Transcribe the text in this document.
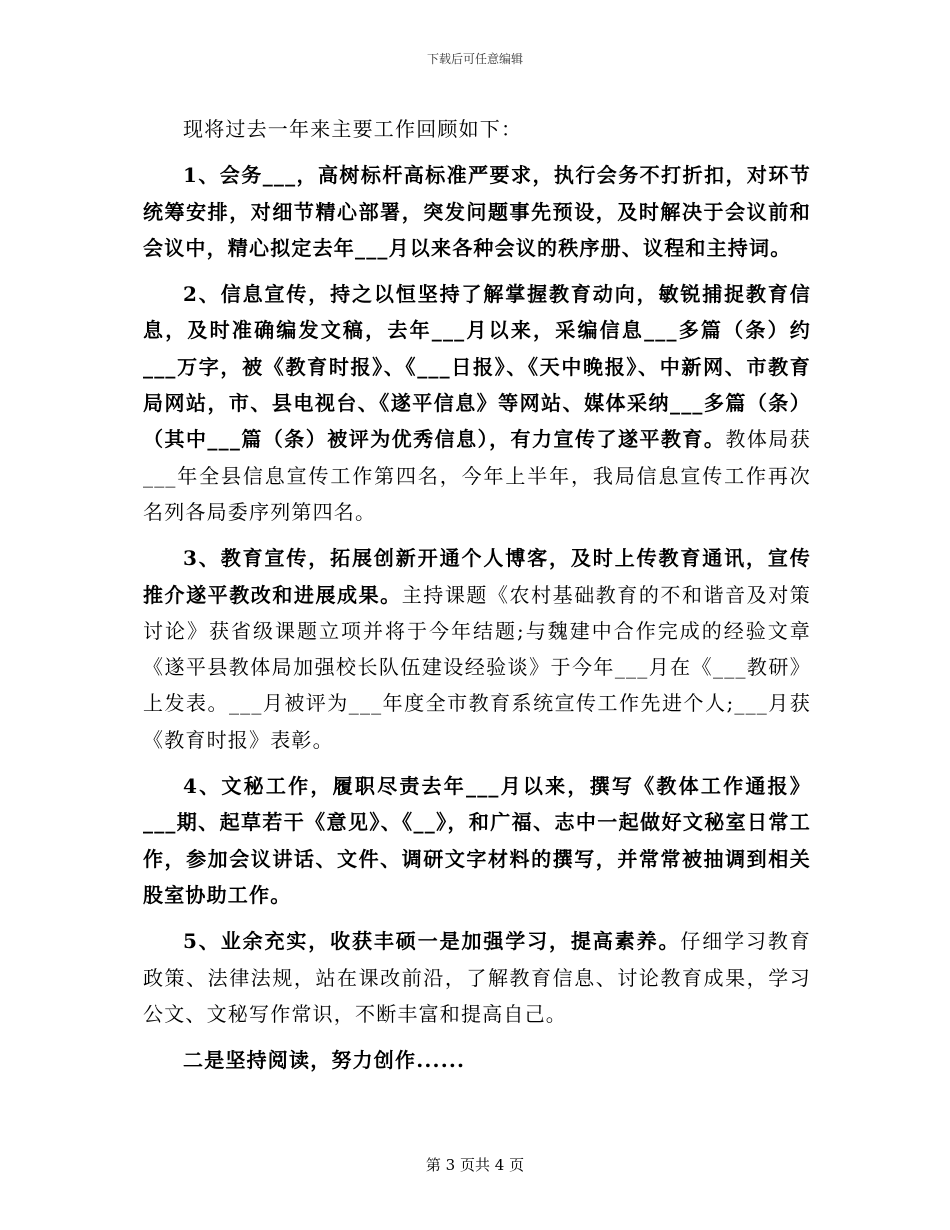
下载后可任意编辑

现将过去一年来主要工作回顾如下：

1、会务___，高树标杆高标准严要求，执行会务不打折扣，对环节统筹安排，对细节精心部署，突发问题事先预设，及时解决于会议前和会议中，精心拟定去年___月以来各种会议的秩序册、议程和主持词。

2、信息宣传，持之以恒坚持了解掌握教育动向，敏锐捕捉教育信息，及时准确编发文稿，去年___月以来，采编信息___多篇（条）约___万字，被《教育时报》、《___日报》、《天中晚报》、中新网、市教育局网站，市、县电视台、《遂平信息》等网站、媒体采纳___多篇（条）（其中___篇（条）被评为优秀信息），有力宣传了遂平教育。教体局获___年全县信息宣传工作第四名，今年上半年，我局信息宣传工作再次名列各局委序列第四名。

3、教育宣传，拓展创新开通个人博客，及时上传教育通讯，宣传推介遂平教改和进展成果。主持课题《农村基础教育的不和谐音及对策讨论》获省级课题立项并将于今年结题;与魏建中合作完成的经验文章《遂平县教体局加强校长队伍建设经验谈》于今年___月在《___教研》上发表。___月被评为___年度全市教育系统宣传工作先进个人;___月获《教育时报》表彰。

4、文秘工作，履职尽责去年___月以来，撰写《教体工作通报》___期、起草若干《意见》、《__》，和广福、志中一起做好文秘室日常工作，参加会议讲话、文件、调研文字材料的撰写，并常常被抽调到相关股室协助工作。

5、业余充实，收获丰硕一是加强学习，提高素养。仔细学习教育政策、法律法规，站在课改前沿，了解教育信息、讨论教育成果，学习公文、文秘写作常识，不断丰富和提高自己。

二是坚持阅读，努力创作......

第 3 页共 4 页
